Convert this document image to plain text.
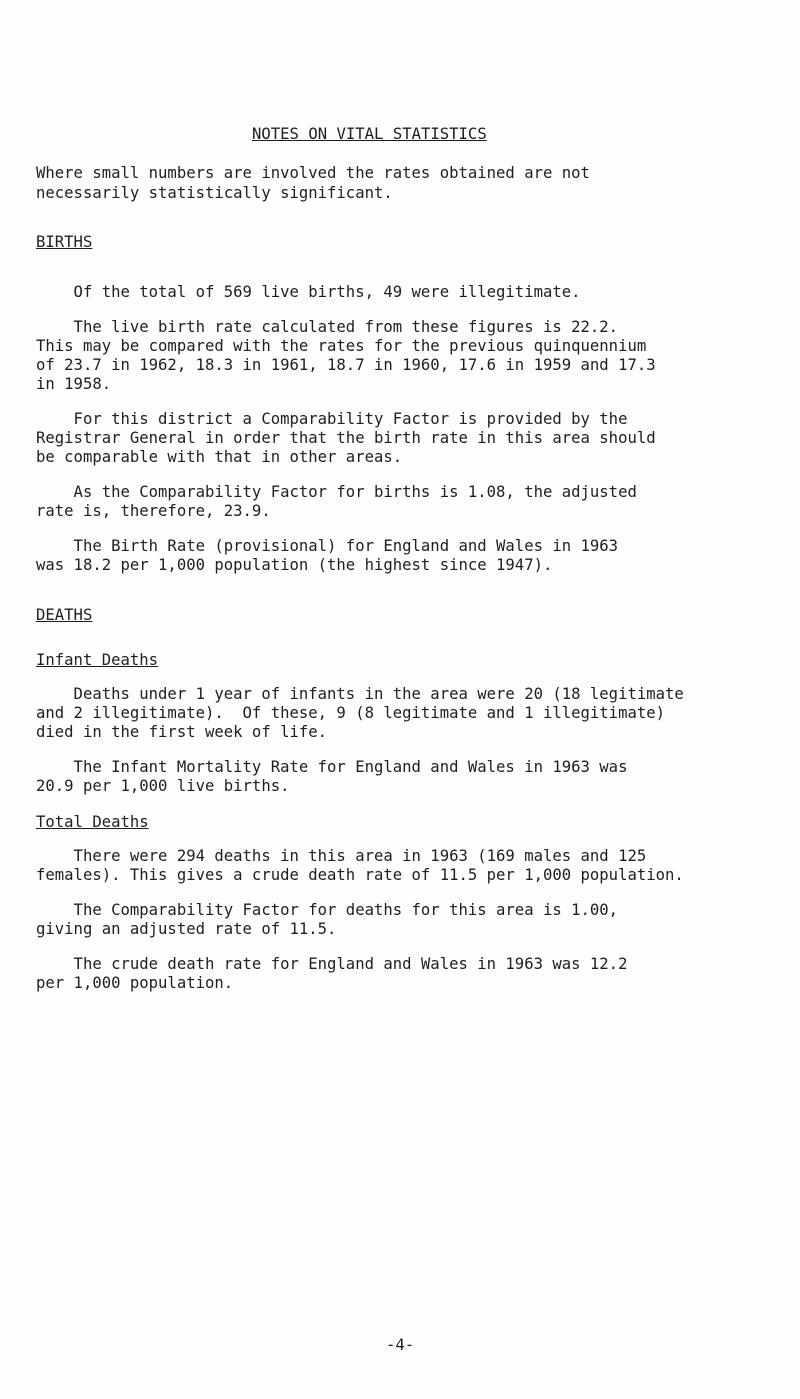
NOTES ON VITAL STATISTICS
Where small numbers are involved the rates obtained are not
necessarily statistically significant.
BIRTHS
Of the total of 569 live births, 49 were illegitimate.
The live birth rate calculated from these figures is 22.2.
This may be compared with the rates for the previous quinquennium
of 23.7 in 1962, 18.3 in 1961, 18.7 in 1960, 17.6 in 1959 and 17.3
in 1958.
For this district a Comparability Factor is provided by the
Registrar General in order that the birth rate in this area should
be comparable with that in other areas.
As the Comparability Factor for births is 1.08, the adjusted
rate is, therefore, 23.9.
The Birth Rate (provisional) for England and Wales in 1963
was 18.2 per 1,000 population (the highest since 1947).
DEATHS
Infant Deaths
Deaths under 1 year of infants in the area were 20 (18 legitimate
and 2 illegitimate).  Of these, 9 (8 legitimate and 1 illegitimate)
died in the first week of life.
The Infant Mortality Rate for England and Wales in 1963 was
20.9 per 1,000 live births.
Total Deaths
There were 294 deaths in this area in 1963 (169 males and 125
females). This gives a crude death rate of 11.5 per 1,000 population.
The Comparability Factor for deaths for this area is 1.00,
giving an adjusted rate of 11.5.
The crude death rate for England and Wales in 1963 was 12.2
per 1,000 population.
-4-
